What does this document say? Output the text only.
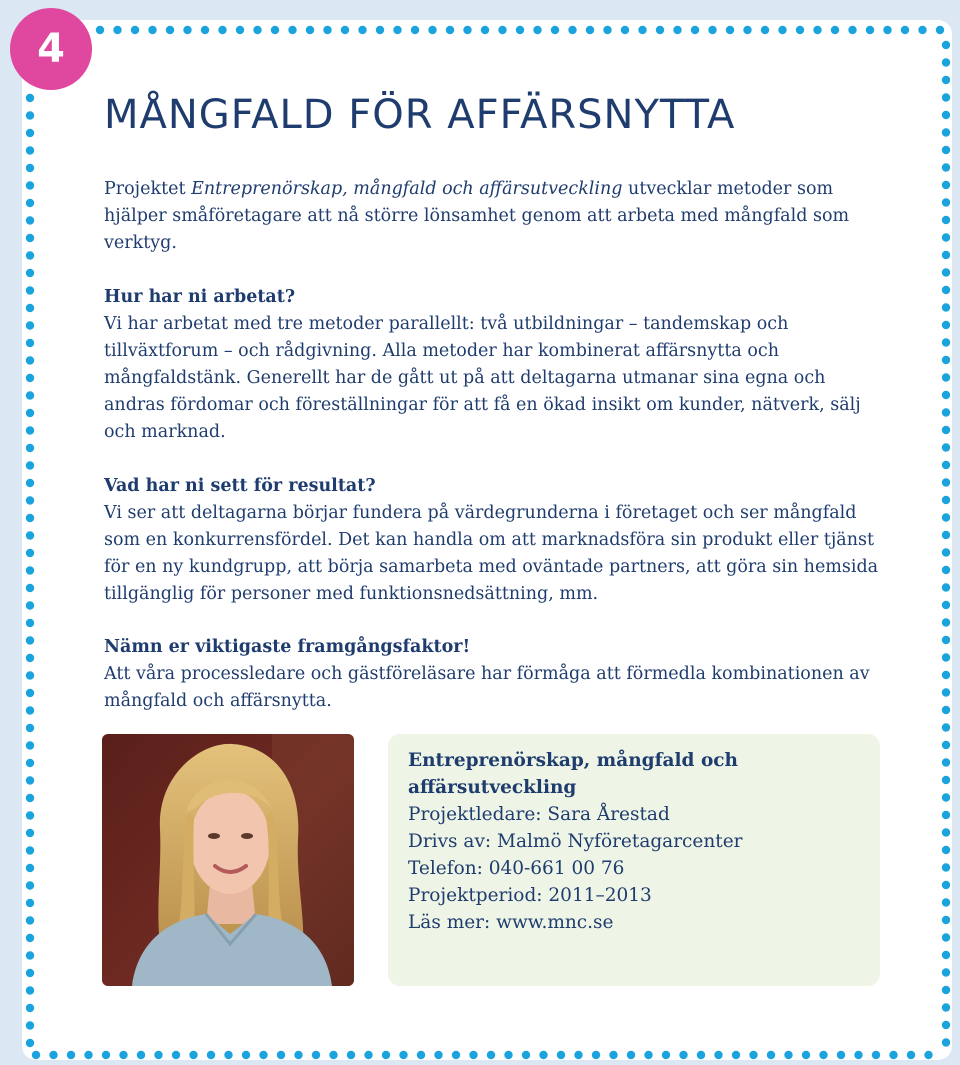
4
MÅNGFALD FÖR AFFÄRSNYTTA

Projektet Entreprenörskap, mångfald och affärsutveckling utvecklar metoder som hjälper småföretagare att nå större lönsamhet genom att arbeta med mångfald som verktyg.

Hur har ni arbetat?

Vi har arbetat med tre metoder parallellt: två utbildningar – tandemskap och tillväxtforum – och rådgivning. Alla metoder har kombinerat affärsnytta och mångfaldstänk. Generellt har de gått ut på att deltagarna utmanar sina egna och andras fördomar och föreställningar för att få en ökad insikt om kunder, nätverk, sälj och marknad.

Vad har ni sett för resultat?

Vi ser att deltagarna börjar fundera på värdegrunderna i företaget och ser mångfald som en konkurrensfördel. Det kan handla om att marknadsföra sin produkt eller tjänst för en ny kundgrupp, att börja samarbeta med oväntade partners, att göra sin hemsida tillgänglig för personer med funktionsnedsättning, mm.

Nämn er viktigaste framgångsfaktor!

Att våra processledare och gästföreläsare har förmåga att förmedla kombinationen av mångfald och affärsnytta.

Entreprenörskap, mångfald och affärsutveckling
Projektledare: Sara Årestad
Drivs av: Malmö Nyföretagarcenter
Telefon: 040-661 00 76
Projektperiod: 2011–2013
Läs mer: www.mnc.se
